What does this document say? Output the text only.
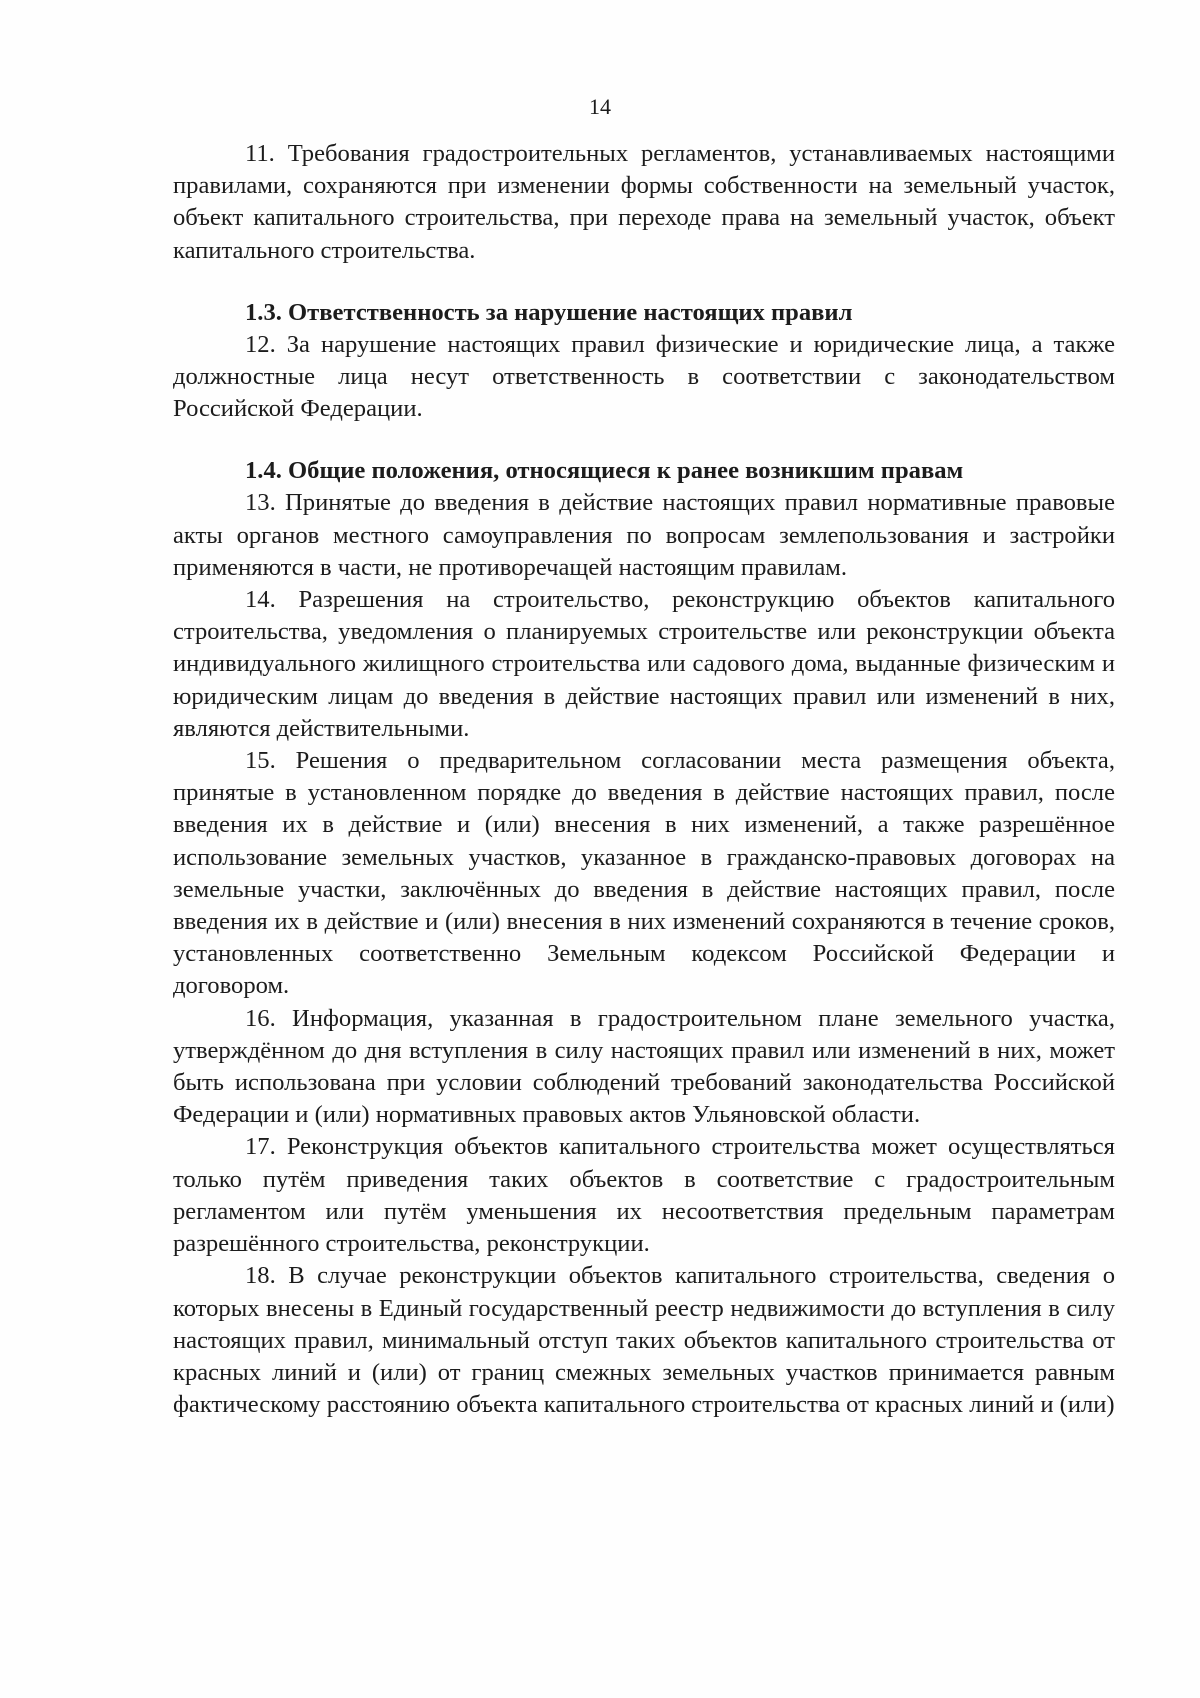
14

11. Требования градостроительных регламентов, устанавливаемых настоящими правилами, сохраняются при изменении формы собственности на земельный участок, объект капитального строительства, при переходе права на земельный участок, объект капитального строительства.

1.3. Ответственность за нарушение настоящих правил

12. За нарушение настоящих правил физические и юридические лица, а также должностные лица несут ответственность в соответствии с законодательством Российской Федерации.

1.4. Общие положения, относящиеся к ранее возникшим правам

13. Принятые до введения в действие настоящих правил нормативные правовые акты органов местного самоуправления по вопросам землепользования и застройки применяются в части, не противоречащей настоящим правилам.

14. Разрешения на строительство, реконструкцию объектов капитального строительства, уведомления о планируемых строительстве или реконструкции объекта индивидуального жилищного строительства или садового дома, выданные физическим и юридическим лицам до введения в действие настоящих правил или изменений в них, являются действительными.

15. Решения о предварительном согласовании места размещения объекта, принятые в установленном порядке до введения в действие настоящих правил, после введения их в действие и (или) внесения в них изменений, а также разрешённое использование земельных участков, указанное в гражданско-правовых договорах на земельные участки, заключённых до введения в действие настоящих правил, после введения их в действие и (или) внесения в них изменений сохраняются в течение сроков, установленных соответственно Земельным кодексом Российской Федерации и договором.

16. Информация, указанная в градостроительном плане земельного участка, утверждённом до дня вступления в силу настоящих правил или изменений в них, может быть использована при условии соблюдений требований законодательства Российской Федерации и (или) нормативных правовых актов Ульяновской области.

17. Реконструкция объектов капитального строительства может осуществляться только путём приведения таких объектов в соответствие с градостроительным регламентом или путём уменьшения их несоответствия предельным параметрам разрешённого строительства, реконструкции.

18. В случае реконструкции объектов капитального строительства, сведения о которых внесены в Единый государственный реестр недвижимости до вступления в силу настоящих правил, минимальный отступ таких объектов капитального строительства от красных линий и (или) от границ смежных земельных участков принимается равным фактическому расстоянию объекта капитального строительства от красных линий и (или)
